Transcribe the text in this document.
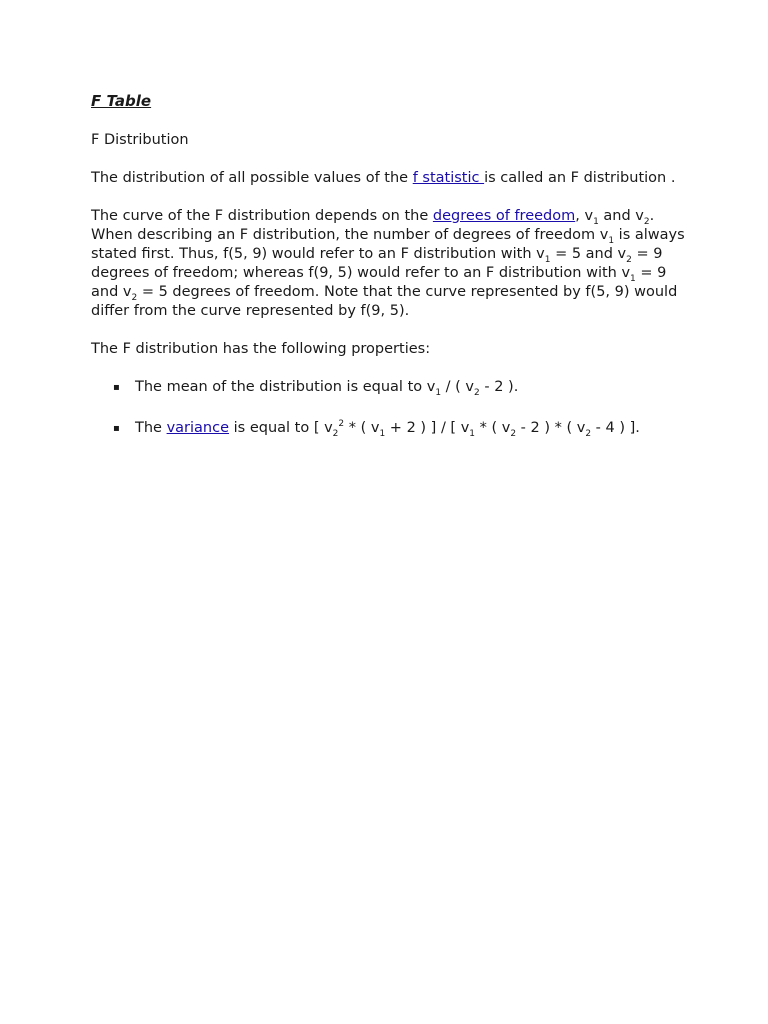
F Table

F Distribution

The distribution of all possible values of the f statistic is called an F distribution .

The curve of the F distribution depends on the degrees of freedom, $v_1$ and $v_2$. When describing an F distribution, the number of degrees of freedom $v_1$ is always stated first. Thus, f(5, 9) would refer to an F distribution with $v_1 = 5$ and $v_2 = 9$ degrees of freedom; whereas f(9, 5) would refer to an F distribution with $v_1 = 9$ and $v_2 = 5$ degrees of freedom. Note that the curve represented by f(5, 9) would differ from the curve represented by f(9, 5).

The F distribution has the following properties:

▪ The mean of the distribution is equal to $v_1$ / ( $v_2 - 2$ ).
▪ The variance is equal to [ $v_2^2$ * ( $v_1 + 2$ ) ] / [ $v_1$ * ( $v_2 - 2$ ) * ( $v_2 - 4$ ) ].
